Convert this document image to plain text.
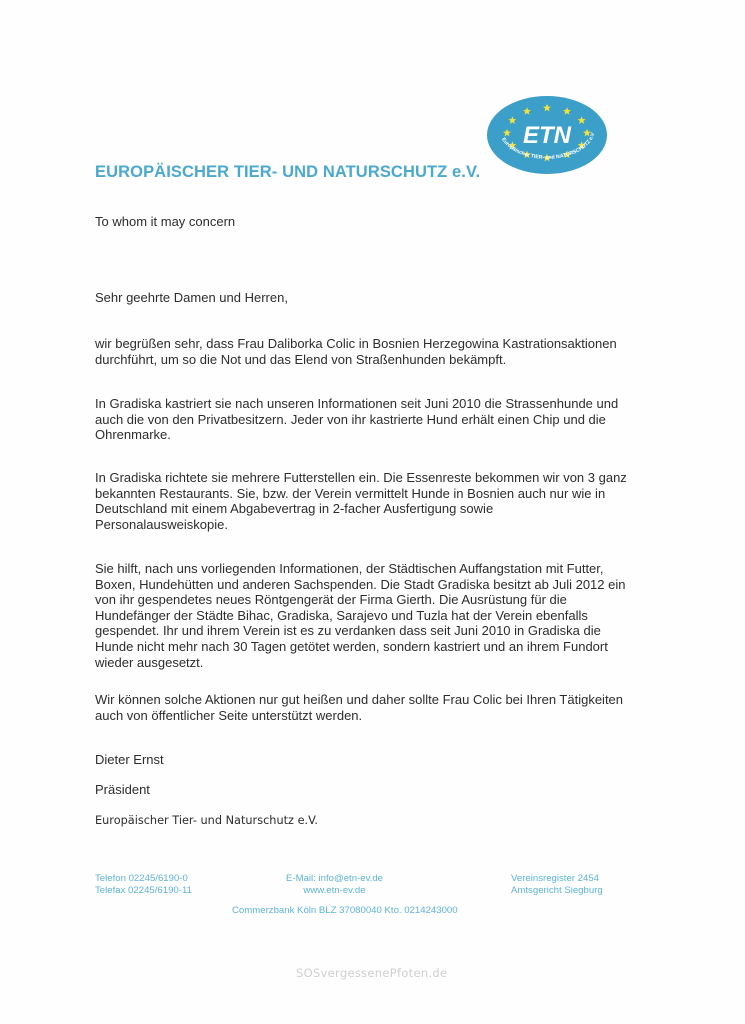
ETN
Europäischer TIER- und NATURSCHUTZ e.V
EUROPÄISCHER TIER- UND NATURSCHUTZ e.V.
To whom it may concern
Sehr geehrte Damen und Herren,
wir begrüßen sehr, dass Frau Daliborka Colic in Bosnien Herzegowina Kastrationsaktionen
durchführt, um so die Not und das Elend von Straßenhunden bekämpft.
In Gradiska kastriert sie nach unseren Informationen seit Juni 2010 die Strassenhunde und
auch die von den Privatbesitzern. Jeder von ihr kastrierte Hund erhält einen Chip und die
Ohrenmarke.
In Gradiska richtete sie mehrere Futterstellen ein. Die Essenreste bekommen wir von 3 ganz
bekannten Restaurants. Sie, bzw. der Verein vermittelt Hunde in Bosnien auch nur wie in
Deutschland mit einem Abgabevertrag in 2-facher Ausfertigung sowie
Personalausweiskopie.
Sie hilft, nach uns vorliegenden Informationen, der Städtischen Auffangstation mit Futter,
Boxen, Hundehütten und anderen Sachspenden. Die Stadt Gradiska besitzt ab Juli 2012 ein
von ihr gespendetes neues Röntgengerät der Firma Gierth. Die Ausrüstung für die
Hundefänger der Städte Bihac, Gradiska, Sarajevo und Tuzla hat der Verein ebenfalls
gespendet. Ihr und ihrem Verein ist es zu verdanken dass seit Juni 2010 in Gradiska die
Hunde nicht mehr nach 30 Tagen getötet werden, sondern kastriert und an ihrem Fundort
wieder ausgesetzt.
Wir können solche Aktionen nur gut heißen und daher sollte Frau Colic bei Ihren Tätigkeiten
auch von öffentlicher Seite unterstützt werden.
Dieter Ernst
Präsident
Europäischer Tier- und Naturschutz e.V.
Telefon 02245/6190-0
Telefax 02245/6190-11
E-Mail: info@etn-ev.de
www.etn-ev.de
Vereinsregister 2454
Amtsgericht Siegburg
Commerzbank Köln BLZ 37080040 Kto. 0214243000
SOSvergessenePfoten.de
